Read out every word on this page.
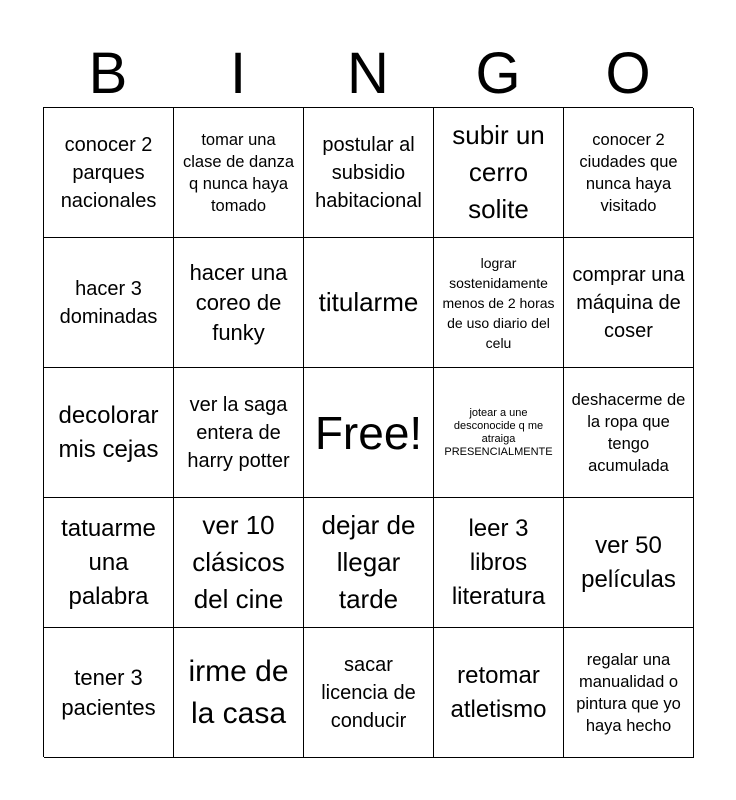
B	I	N	G	O
conocer 2 parques nacionales
tomar una clase de danza q nunca haya tomado
postular al subsidio habitacional
subir un cerro solite
conocer 2 ciudades que nunca haya visitado
hacer 3 dominadas
hacer una coreo de funky
titularme
lograr sostenidamente menos de 2 horas de uso diario del celu
comprar una máquina de coser
decolorar mis cejas
ver la saga entera de harry potter
Free!	jotear a une desconocide q me atraiga PRESENCIALMENTE
deshacerme de la ropa que tengo acumulada
tatuarme una palabra
ver 10 clásicos del cine
dejar de llegar tarde
leer 3 libros literatura
ver 50 películas
tener 3 pacientes
irme de la casa
sacar licencia de conducir
retomar atletismo
regalar una manualidad o pintura que yo haya hecho
